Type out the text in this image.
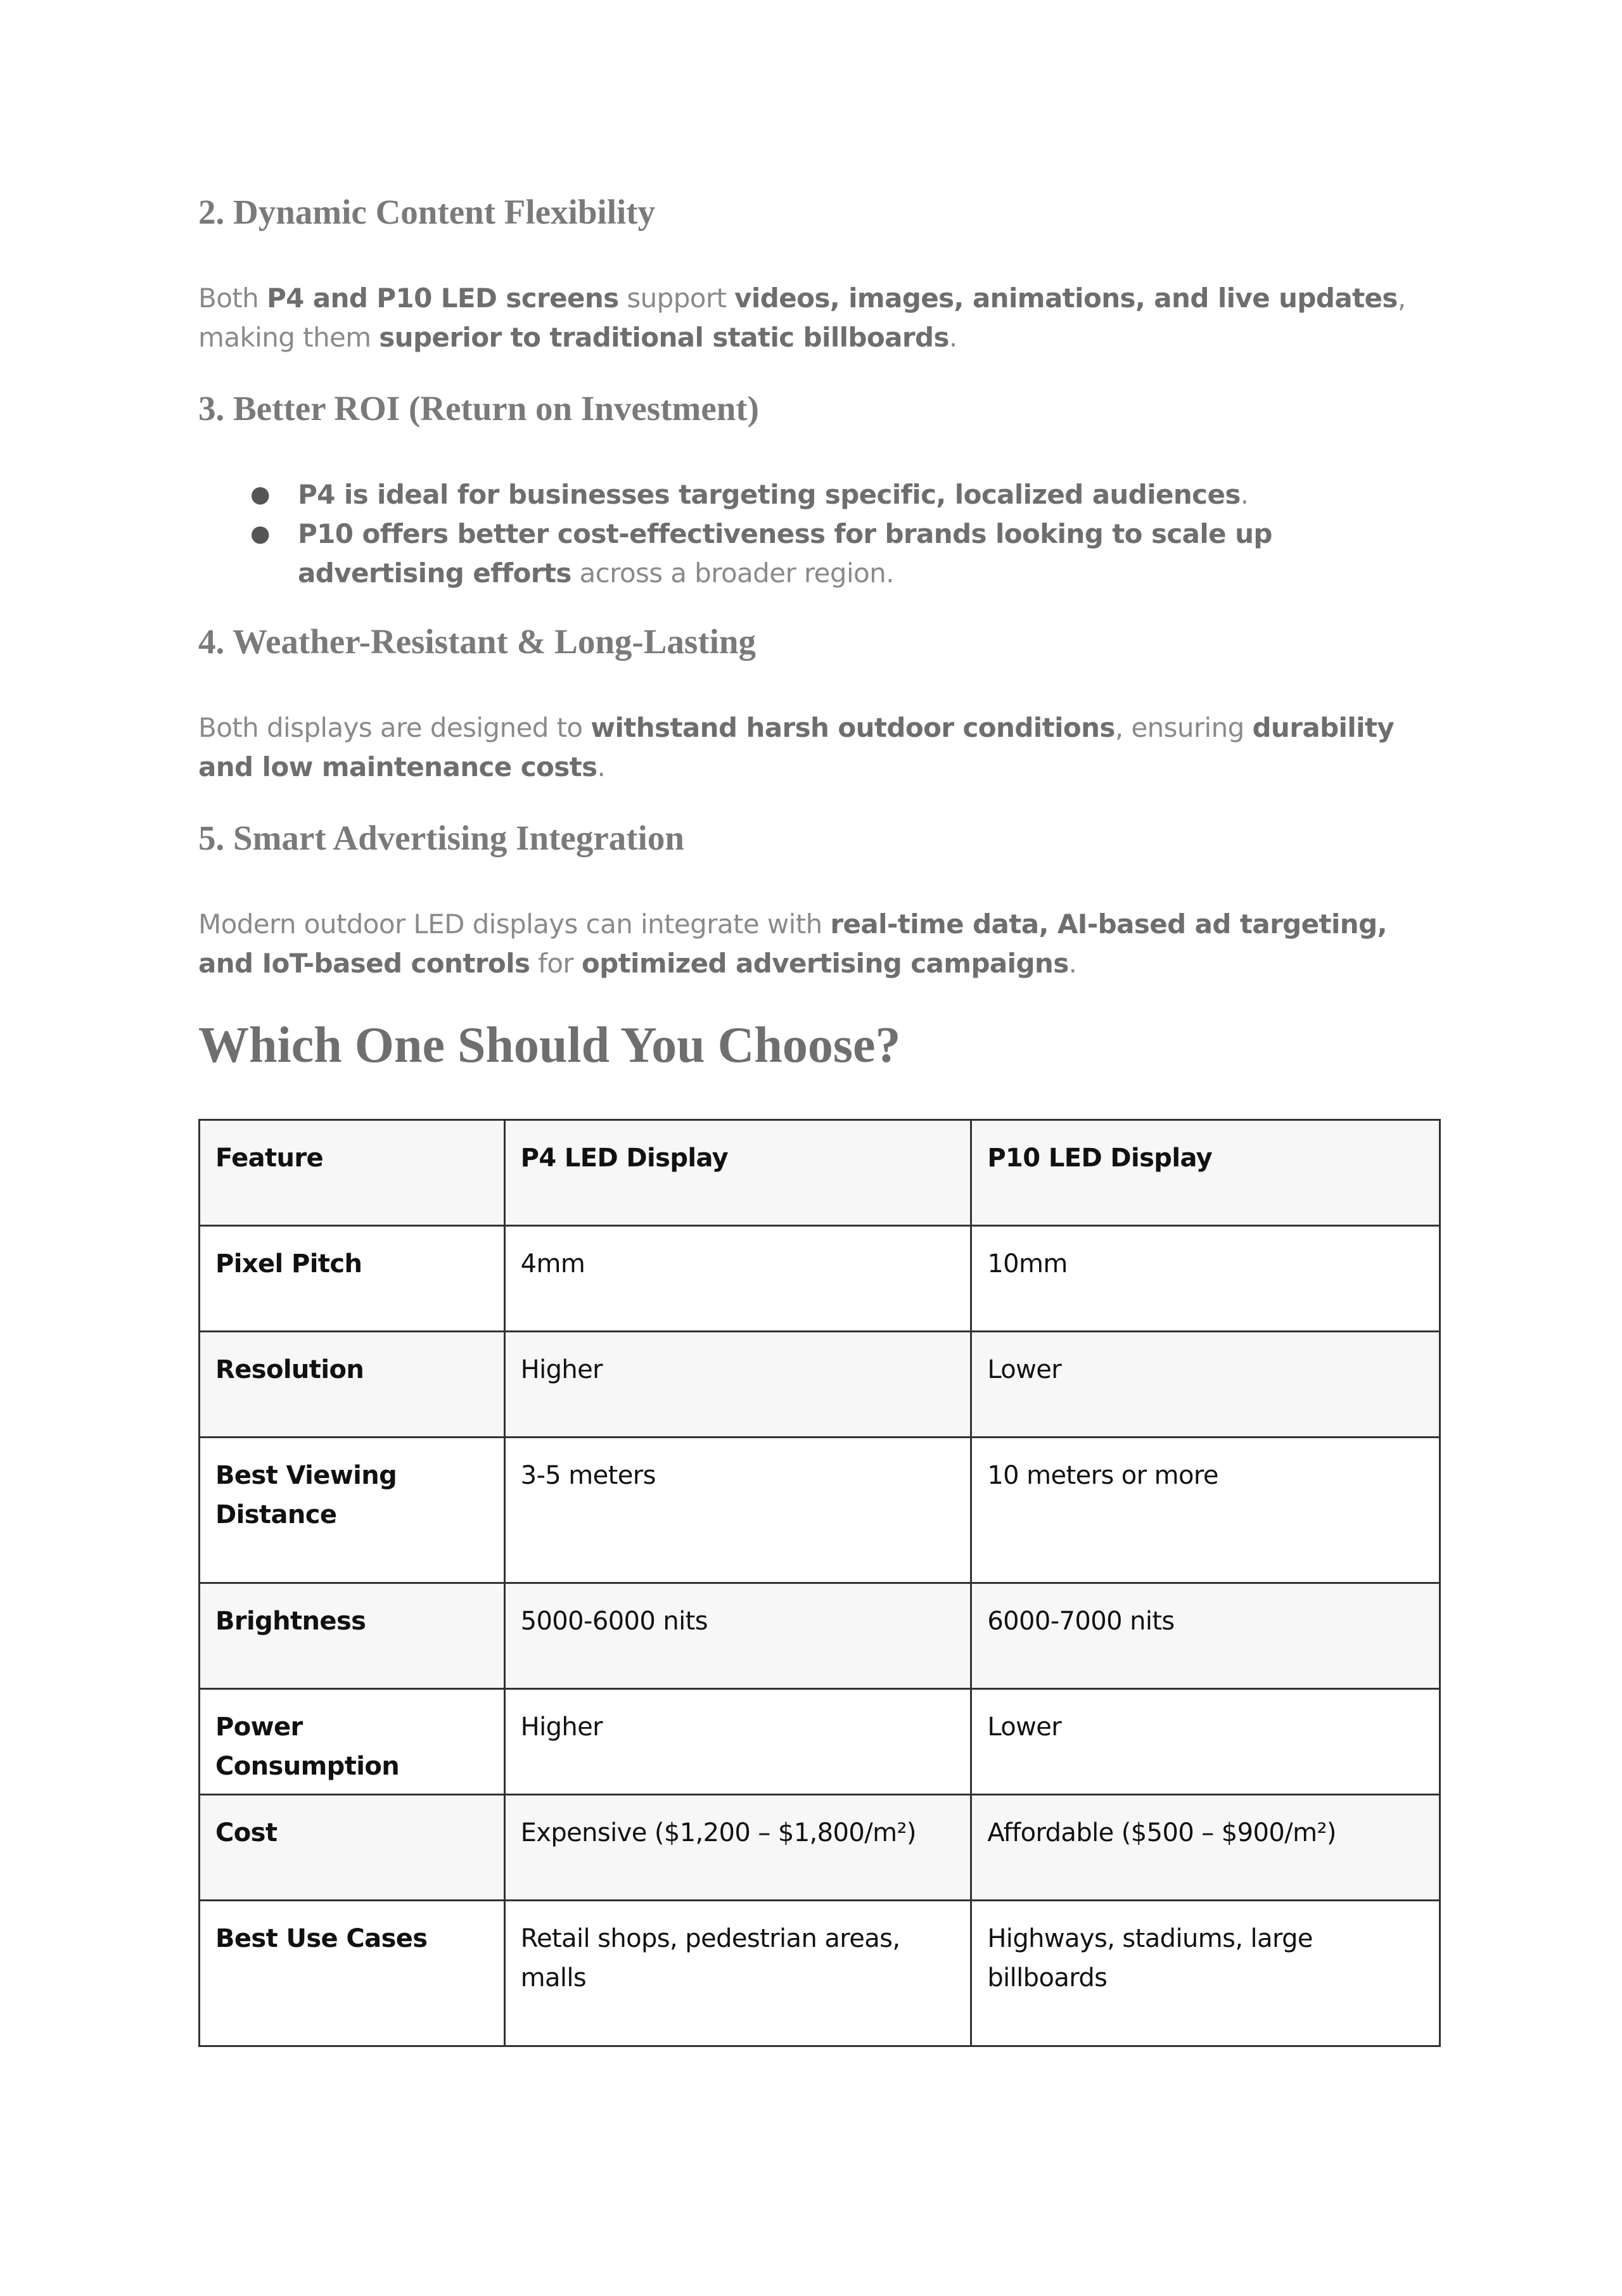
2. Dynamic Content Flexibility

Both P4 and P10 LED screens support videos, images, animations, and live updates, making them superior to traditional static billboards.

3. Better ROI (Return on Investment)
● P4 is ideal for businesses targeting specific, localized audiences.
● P10 offers better cost-effectiveness for brands looking to scale up advertising efforts across a broader region.
4. Weather-Resistant & Long-Lasting

Both displays are designed to withstand harsh outdoor conditions, ensuring durability and low maintenance costs.

5. Smart Advertising Integration

Modern outdoor LED displays can integrate with real-time data, AI-based ad targeting, and IoT-based controls for optimized advertising campaigns.

Which One Should You Choose?
Feature	P4 LED Display	P10 LED Display
Pixel Pitch	4mm	10mm
Resolution	Higher	Lower
Best Viewing Distance	3-5 meters	10 meters or more
Brightness	5000-6000 nits	6000-7000 nits
Power Consumption	Higher	Lower
Cost	Expensive ($1,200 – $1,800/m²)	Affordable ($500 – $900/m²)
Best Use Cases	Retail shops, pedestrian areas, malls	Highways, stadiums, large billboards
